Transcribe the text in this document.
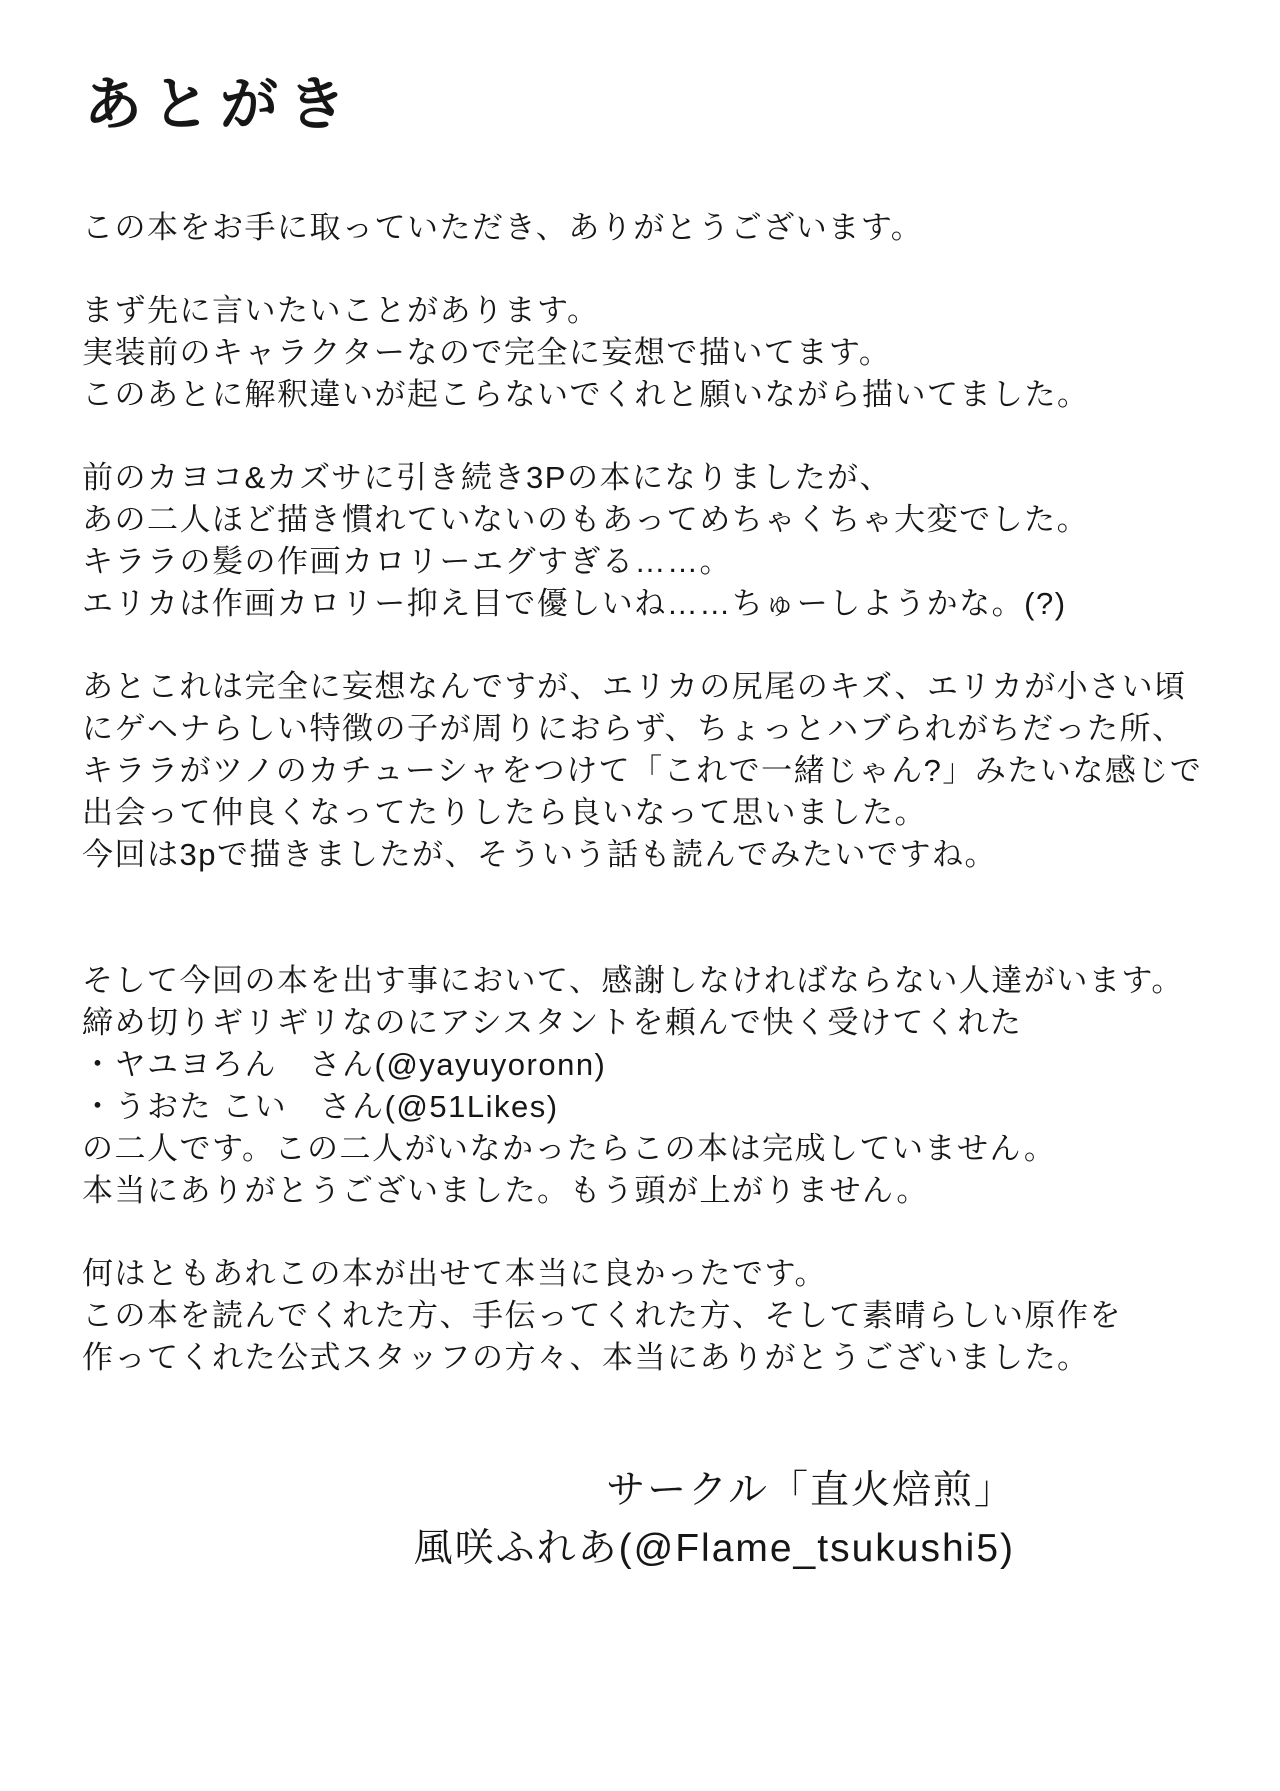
あとがき
この本をお手に取っていただき、ありがとうございます。
まず先に言いたいことがあります。
実装前のキャラクターなので完全に妄想で描いてます。
このあとに解釈違いが起こらないでくれと願いながら描いてました。
前のカヨコ&カズサに引き続き3Pの本になりましたが、
あの二人ほど描き慣れていないのもあってめちゃくちゃ大変でした。
キララの髪の作画カロリーエグすぎる……。
エリカは作画カロリー抑え目で優しいね……ちゅーしようかな。(?)
あとこれは完全に妄想なんですが、エリカの尻尾のキズ、エリカが小さい頃
にゲヘナらしい特徴の子が周りにおらず、ちょっとハブられがちだった所、
キララがツノのカチューシャをつけて「これで一緒じゃん?」みたいな感じで
出会って仲良くなってたりしたら良いなって思いました。
今回は3pで描きましたが、そういう話も読んでみたいですね。
そして今回の本を出す事において、感謝しなければならない人達がいます。
締め切りギリギリなのにアシスタントを頼んで快く受けてくれた
・ヤユヨろん　さん(@yayuyoronn)
・うおた こい　さん(@51Likes)
の二人です。この二人がいなかったらこの本は完成していません。
本当にありがとうございました。もう頭が上がりません。
何はともあれこの本が出せて本当に良かったです。
この本を読んでくれた方、手伝ってくれた方、そして素晴らしい原作を
作ってくれた公式スタッフの方々、本当にありがとうございました。
サークル「直火焙煎」
風咲ふれあ(@Flame_tsukushi5)
